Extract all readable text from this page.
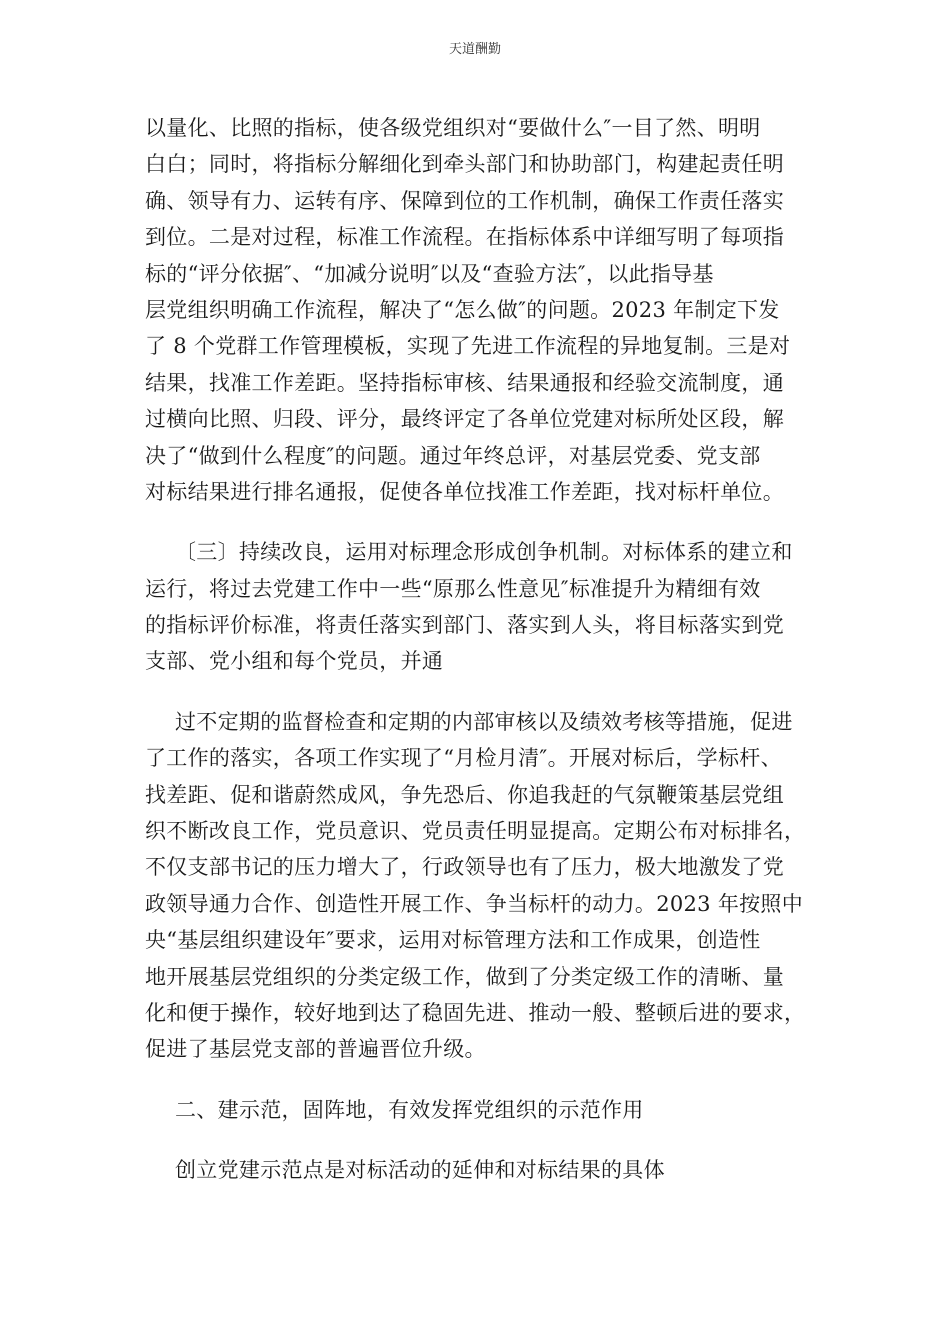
天道酬勤
以量化、比照的指标，使各级党组织对“要做什么″一目了然、明明
白白；同时，将指标分解细化到牵头部门和协助部门，构建起责任明
确、领导有力、运转有序、保障到位的工作机制，确保工作责任落实
到位。二是对过程，标准工作流程。在指标体系中详细写明了每项指
标的“评分依据″、“加减分说明″以及“查验方法″，以此指导基
层党组织明确工作流程，解决了“怎么做″的问题。2023 年制定下发
了 8 个党群工作管理模板，实现了先进工作流程的异地复制。三是对
结果，找准工作差距。坚持指标审核、结果通报和经验交流制度，通
过横向比照、归段、评分，最终评定了各单位党建对标所处区段，解
决了“做到什么程度″的问题。通过年终总评，对基层党委、党支部
对标结果进行排名通报，促使各单位找准工作差距，找对标杆单位。
〔三〕持续改良，运用对标理念形成创争机制。对标体系的建立和
运行，将过去党建工作中一些“原那么性意见″标准提升为精细有效
的指标评价标准，将责任落实到部门、落实到人头，将目标落实到党
支部、党小组和每个党员，并通
过不定期的监督检查和定期的内部审核以及绩效考核等措施，促进
了工作的落实，各项工作实现了“月检月清″。开展对标后，学标杆、
找差距、促和谐蔚然成风，争先恐后、你追我赶的气氛鞭策基层党组
织不断改良工作，党员意识、党员责任明显提高。定期公布对标排名，
不仅支部书记的压力增大了，行政领导也有了压力，极大地激发了党
政领导通力合作、创造性开展工作、争当标杆的动力。2023 年按照中
央“基层组织建设年″要求，运用对标管理方法和工作成果，创造性
地开展基层党组织的分类定级工作，做到了分类定级工作的清晰、量
化和便于操作，较好地到达了稳固先进、推动一般、整顿后进的要求，
促进了基层党支部的普遍晋位升级。
二、建示范，固阵地，有效发挥党组织的示范作用
创立党建示范点是对标活动的延伸和对标结果的具体
